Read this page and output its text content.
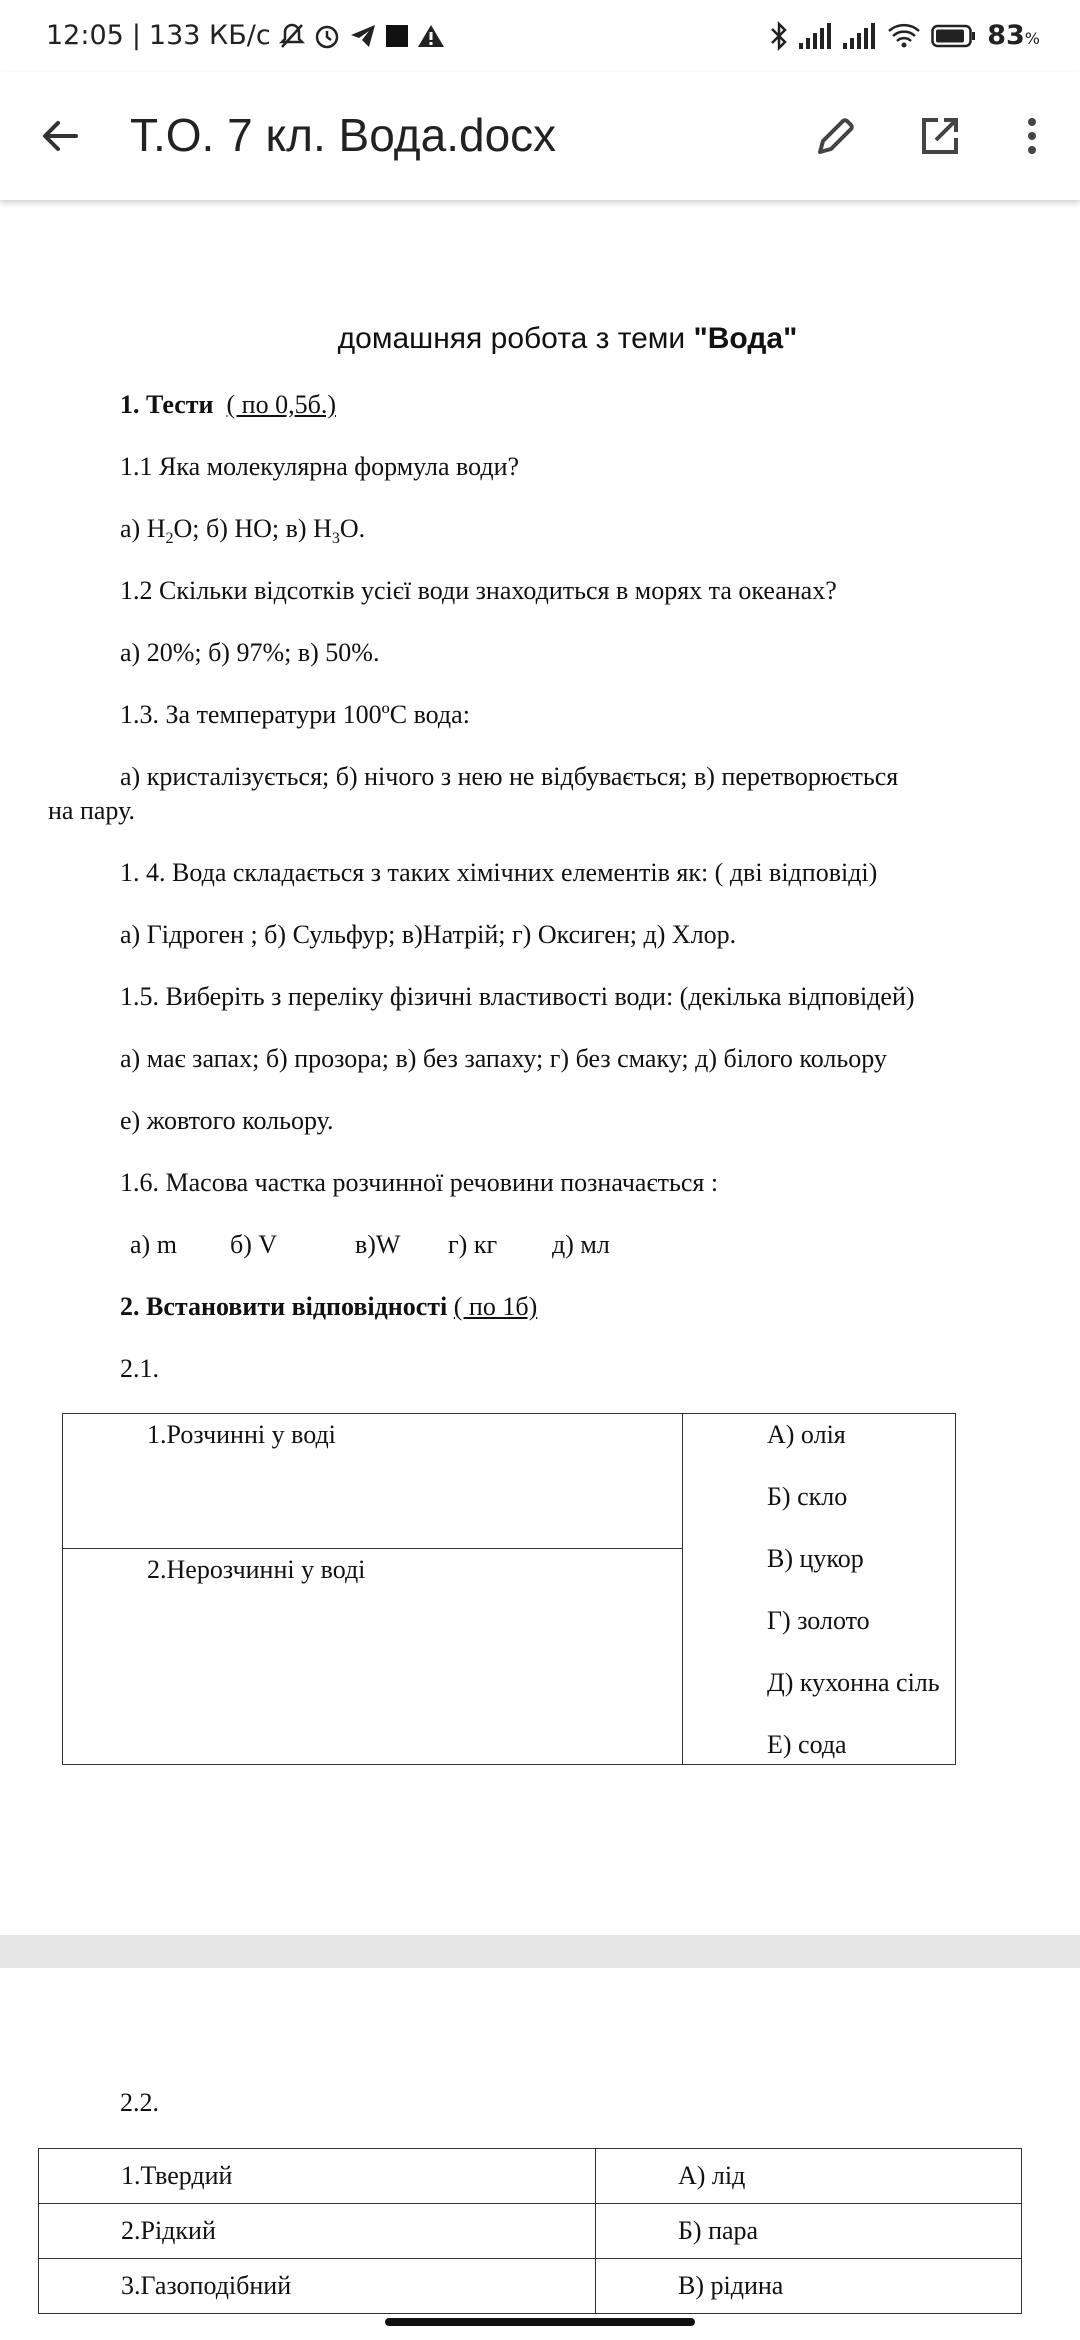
12:05 | 133 КБ/с	83%
Т.О. 7 кл. Вода.docx
домашняя робота з теми "Вода"
1. Тести ( по 0,5б.)
1.1 Яка молекулярна формула води?
а) $H_2O$; б) HO; в) $H_3O$.
1.2 Скільки відсотків усієї води знаходиться в морях та океанах?
а) 20%; б) 97%; в) 50%.
1.3. За температури 100ºС вода:
а) кристалізується; б) нічого з нею не відбувається; в) перетворюється
на пару.
1. 4. Вода складається з таких хімічних елементів як: ( дві відповіді)
а) Гідроген ; б) Сульфур; в)Натрій; г) Оксиген; д) Хлор.
1.5. Виберіть з переліку фізичні властивості води: (декілька відповідей)
а) має запах; б) прозора; в) без запаху; г) без смаку; д) білого кольору
е) жовтого кольору.
1.6. Масова частка розчинної речовини позначається :
а) m б) V	в)W г) кг д) мл
2. Встановити відповідності ( по 1б)
2.1.
1.Розчинні у воді	А) олія
Б) скло
В) цукор
Г) золото
Д) кухонна сіль
Е) сода

2.Нерозчинні у воді
2.2.
1.Твердий	А) лід
2.Рідкий	Б) пара
3.Газоподібний	В) рідина
